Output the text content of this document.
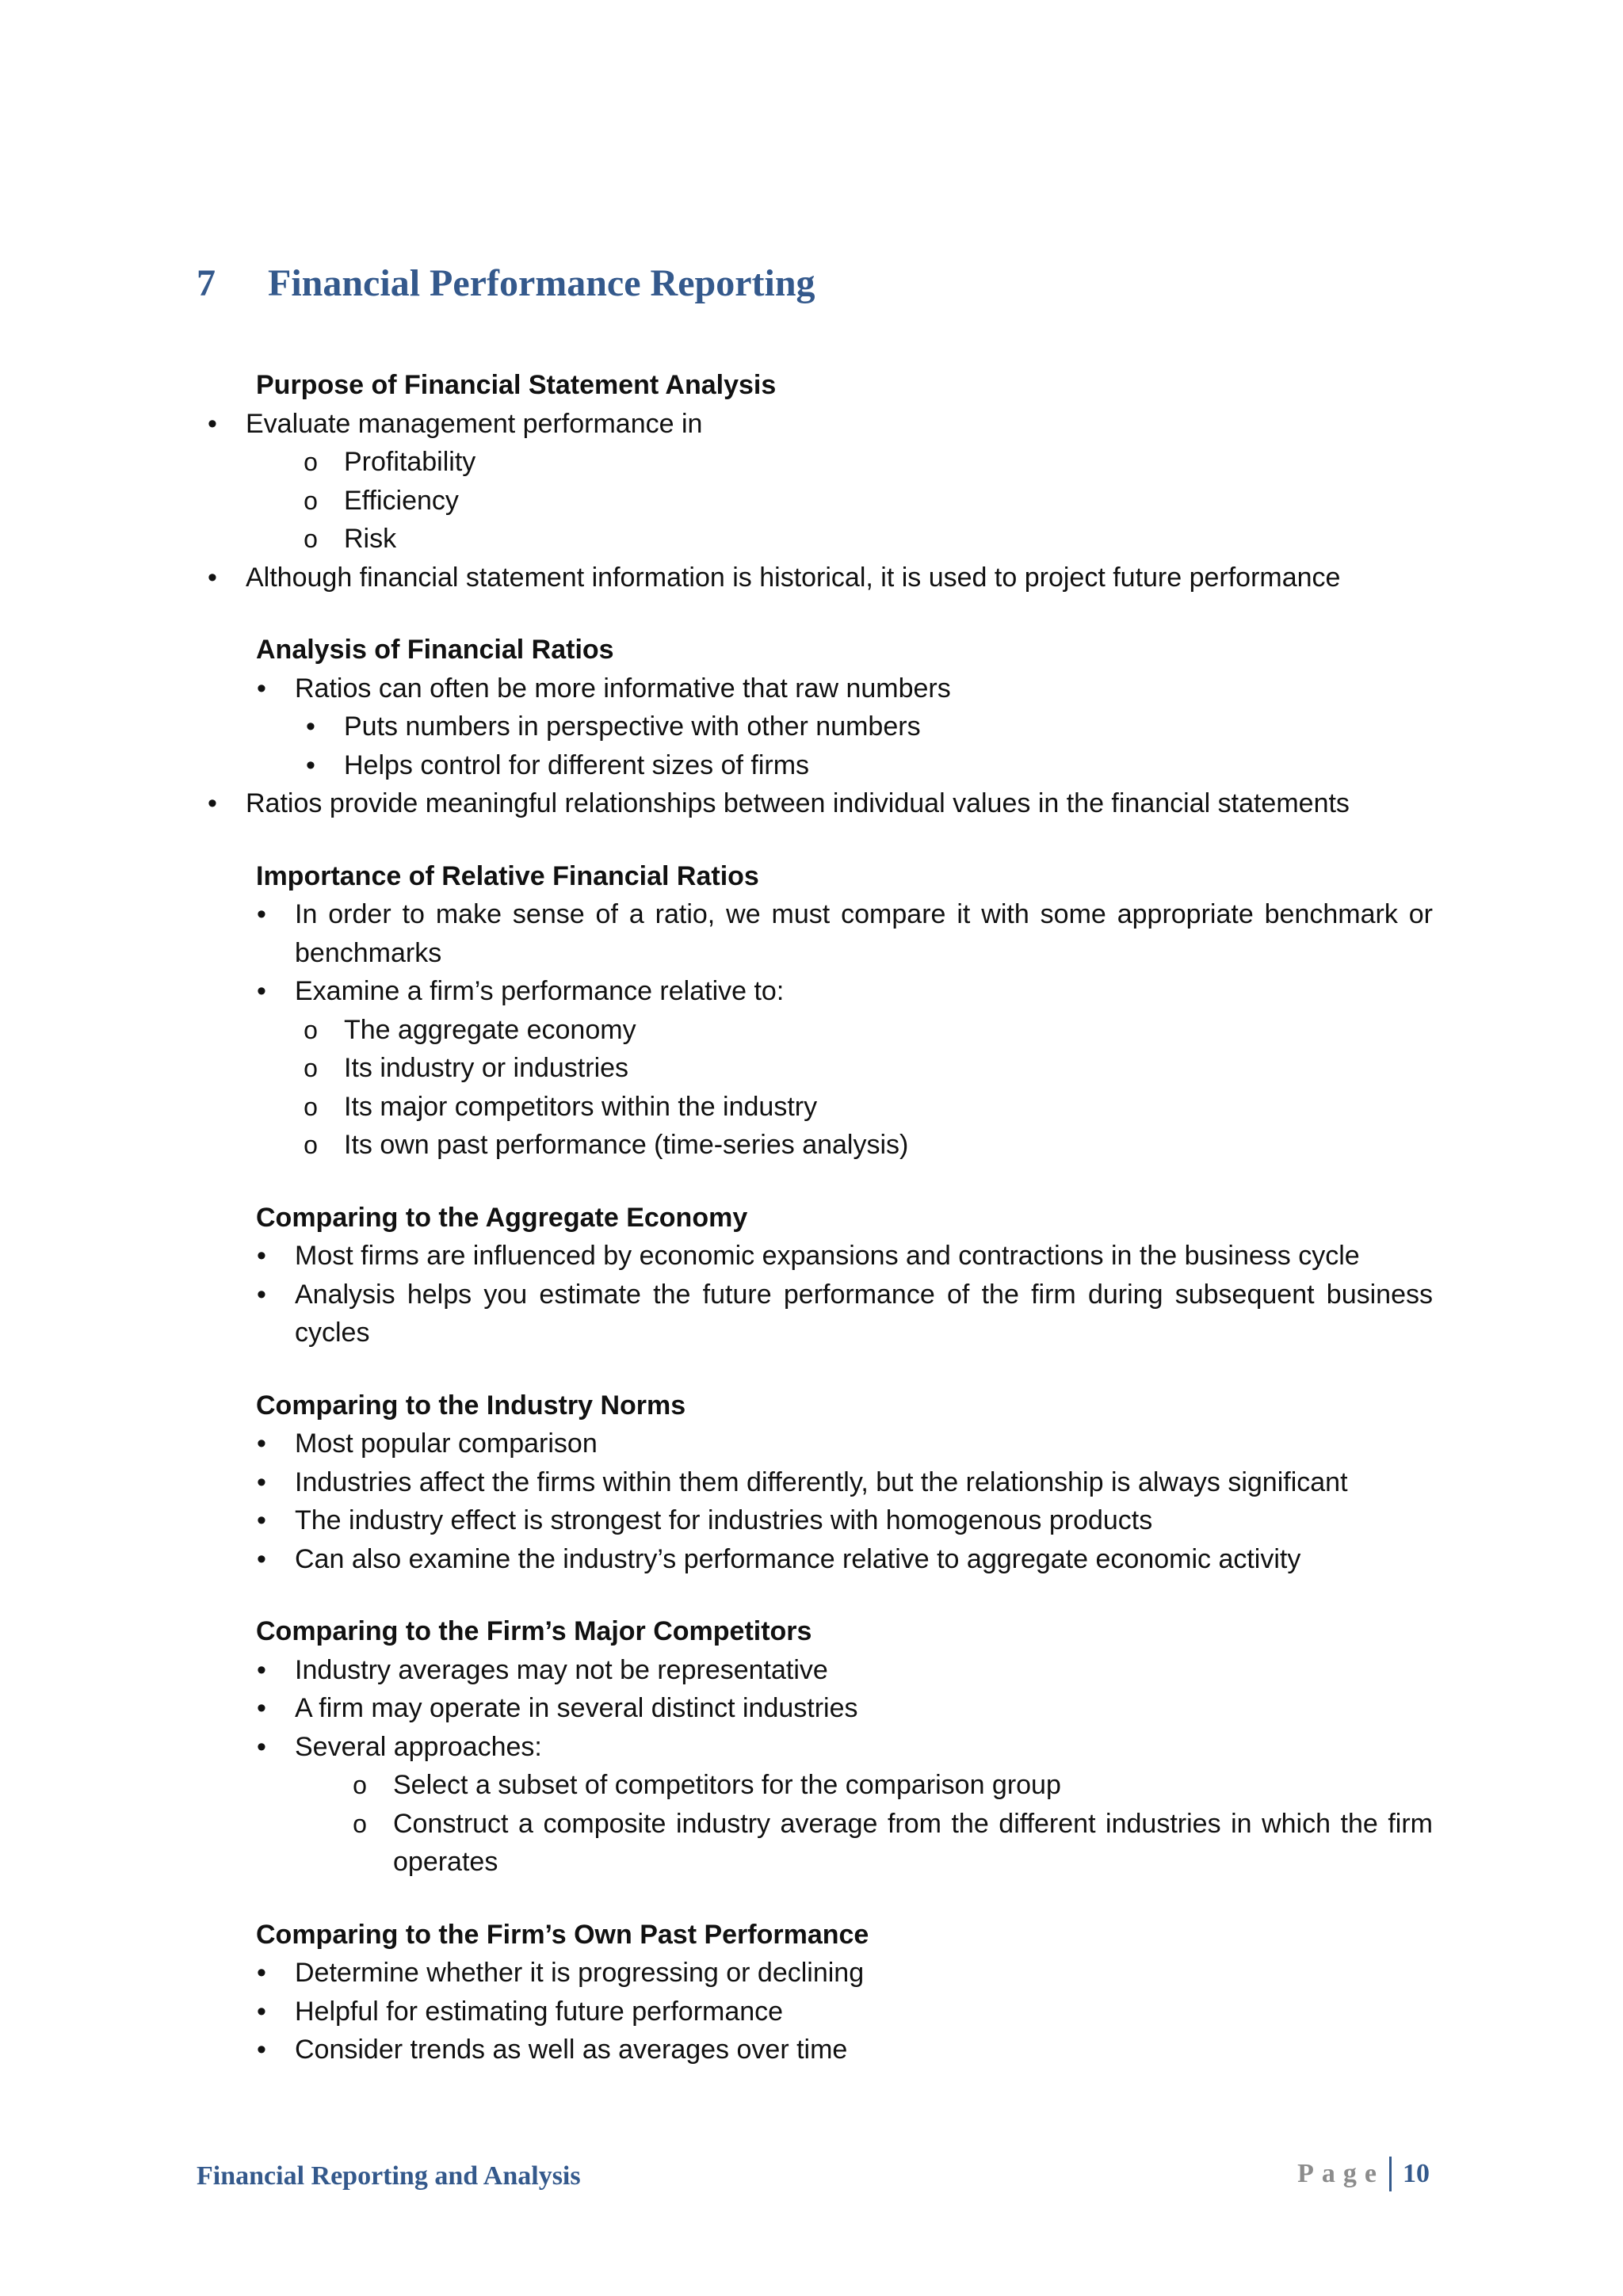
7 Financial Performance Reporting
Purpose of Financial Statement Analysis
•
Evaluate management performance in
o
Profitability
o
Efficiency
o
Risk
•
Although financial statement information is historical, it is used to project future performance
Analysis of Financial Ratios
•
Ratios can often be more informative that raw numbers
•
Puts numbers in perspective with other numbers
•
Helps control for different sizes of firms
•
Ratios provide meaningful relationships between individual values in the financial statements
Importance of Relative Financial Ratios
•
In order to make sense of a ratio, we must compare it with some appropriate benchmark or benchmarks
•
Examine a firm’s performance relative to:
o
The aggregate economy
o
Its industry or industries
o
Its major competitors within the industry
o
Its own past performance (time-series analysis)
Comparing to the Aggregate Economy
•
Most firms are influenced by economic expansions and contractions in the business cycle
•
Analysis helps you estimate the future performance of the firm during subsequent business cycles
Comparing to the Industry Norms
•
Most popular comparison
•
Industries affect the firms within them differently, but the relationship is always significant
•
The industry effect is strongest for industries with homogenous products
•
Can also examine the industry’s performance relative to aggregate economic activity
Comparing to the Firm’s Major Competitors
•
Industry averages may not be representative
•
A firm may operate in several distinct industries
•
Several approaches:
o
Select a subset of competitors for the comparison group
o
Construct a composite industry average from the different industries in which the firm operates
Comparing to the Firm’s Own Past Performance
•
Determine whether it is progressing or declining
•
Helpful for estimating future performance
•
Consider trends as well as averages over time
Financial Reporting and Analysis	Page 10
